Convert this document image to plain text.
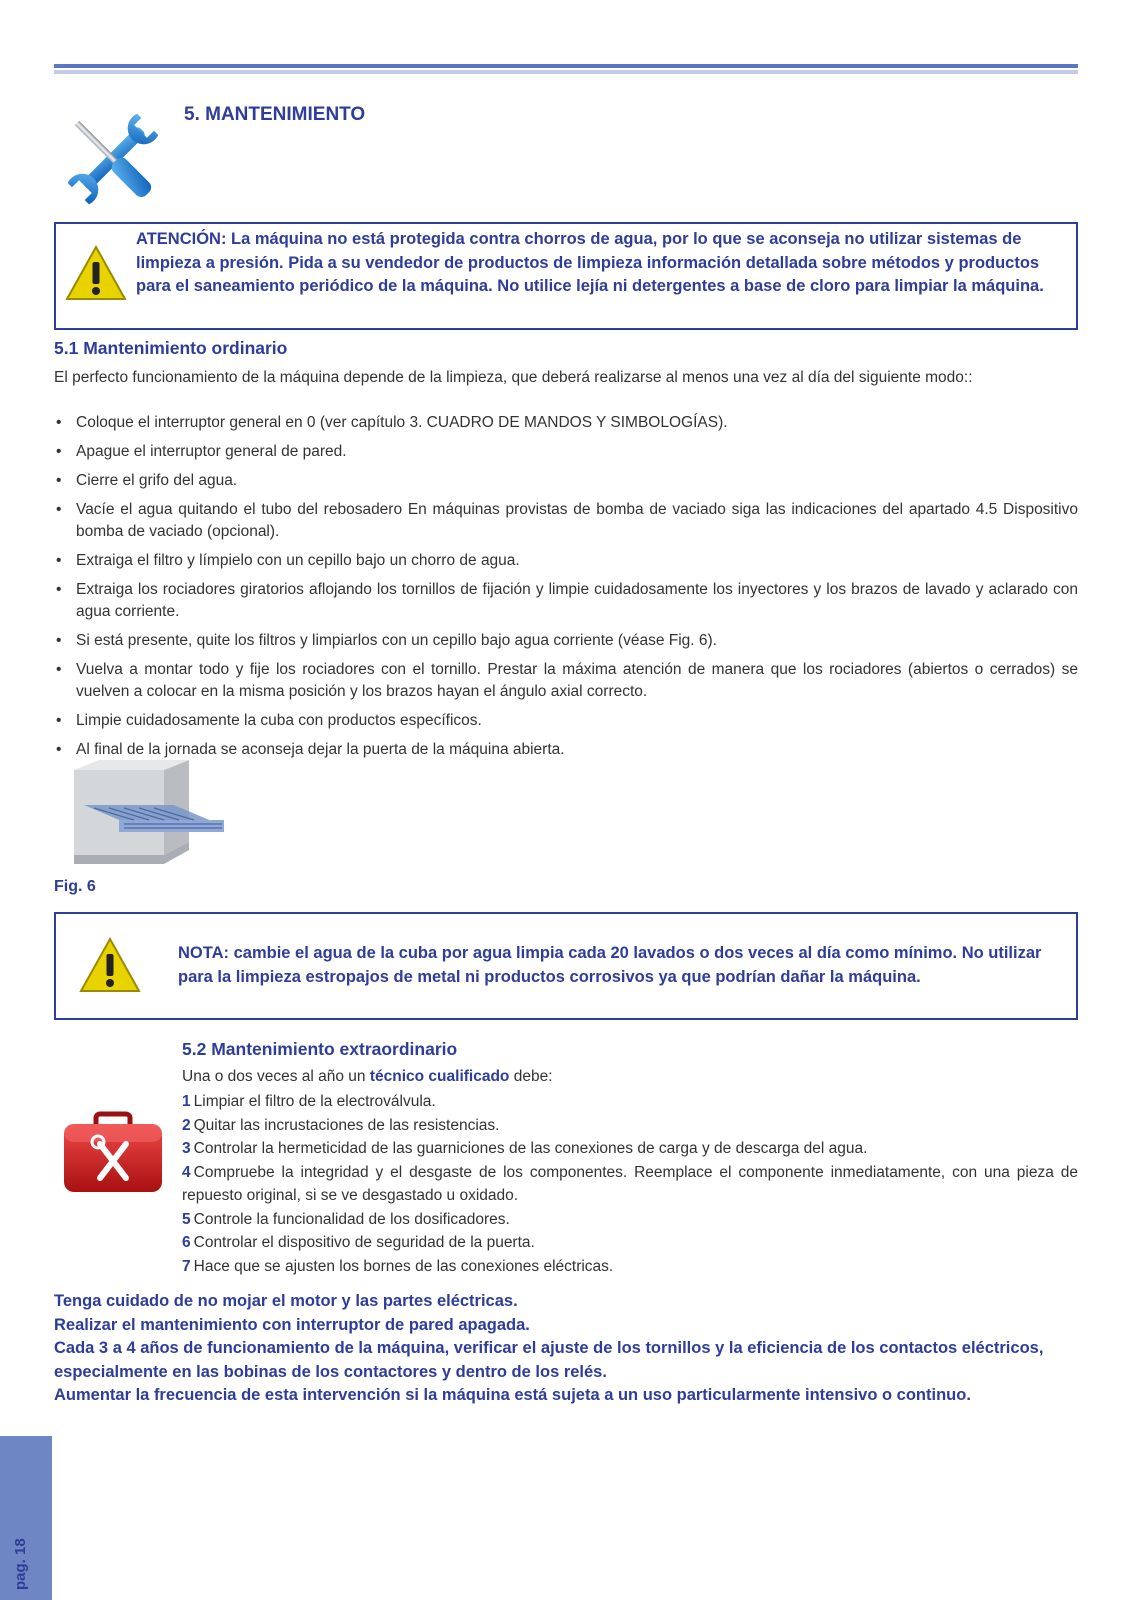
5. MANTENIMIENTO
ATENCIÓN: La máquina no está protegida contra chorros de agua, por lo que se aconseja no utilizar sistemas de limpieza a presión. Pida a su vendedor de productos de limpieza información detallada sobre métodos y productos para el saneamiento periódico de la máquina. No utilice lejía ni detergentes a base de cloro para limpiar la máquina.
5.1 Mantenimiento ordinario
El perfecto funcionamiento de la máquina depende de la limpieza, que deberá realizarse al menos una vez al día del siguiente modo::
• Coloque el interruptor general en 0 (ver capítulo 3. CUADRO DE MANDOS Y SIMBOLOGÍAS).
• Apague el interruptor general de pared.
• Cierre el grifo del agua.
• Vacíe el agua quitando el tubo del rebosadero En máquinas provistas de bomba de vaciado siga las indicaciones del apartado 4.5 Dispositivo bomba de vaciado (opcional).
• Extraiga el filtro y límpielo con un cepillo bajo un chorro de agua.
• Extraiga los rociadores giratorios aflojando los tornillos de fijación y limpie cuidadosamente los inyectores y los brazos de lavado y aclarado con agua corriente.
• Si está presente, quite los filtros y limpiarlos con un cepillo bajo agua corriente (véase Fig. 6).
• Vuelva a montar todo y fije los rociadores con el tornillo. Prestar la máxima atención de manera que los rociadores (abiertos o cerrados) se vuelven a colocar en la misma posición y los brazos hayan el ángulo axial correcto.
• Limpie cuidadosamente la cuba con productos específicos.
• Al final de la jornada se aconseja dejar la puerta de la máquina abierta.
Fig. 6
NOTA: cambie el agua de la cuba por agua limpia cada 20 lavados o dos veces al día como mínimo. No utilizar para la limpieza estropajos de metal ni productos corrosivos ya que podrían dañar la máquina.
5.2 Mantenimiento extraordinario
Una o dos veces al año un técnico cualificado debe:
1 Limpiar el filtro de la electroválvula.
2 Quitar las incrustaciones de las resistencias.
3 Controlar la hermeticidad de las guarniciones de las conexiones de carga y de descarga del agua.
4 Compruebe la integridad y el desgaste de los componentes. Reemplace el componente inmediatamente, con una pieza de repuesto original, si se ve desgastado u oxidado.
5 Controle la funcionalidad de los dosificadores.
6 Controlar el dispositivo de seguridad de la puerta.
7 Hace que se ajusten los bornes de las conexiones eléctricas.
Tenga cuidado de no mojar el motor y las partes eléctricas.
Realizar el mantenimiento con interruptor de pared apagada.
Cada 3 a 4 años de funcionamiento de la máquina, verificar el ajuste de los tornillos y la eficiencia de los contactos eléctricos, especialmente en las bobinas de los contactores y dentro de los relés.
Aumentar la frecuencia de esta intervención si la máquina está sujeta a un uso particularmente intensivo o continuo.
pag. 18
